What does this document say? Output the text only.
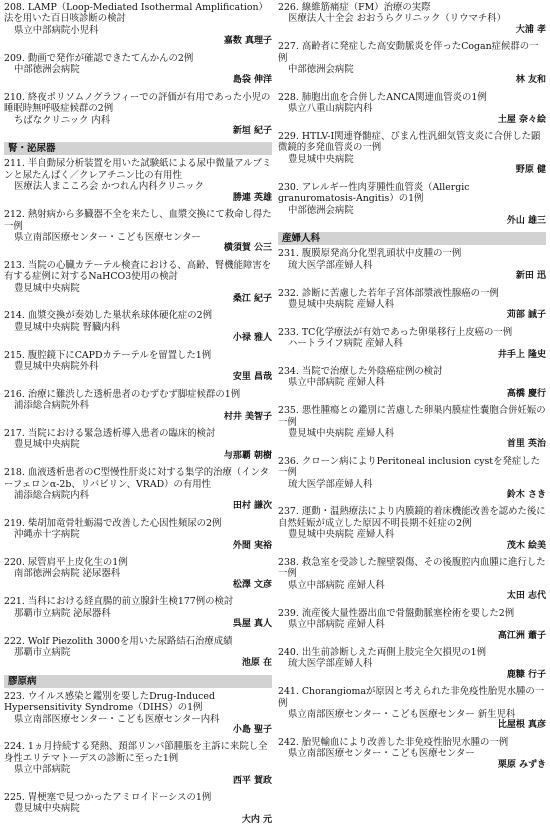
208. LAMP（Loop-Mediated Isothermal Amplification）法を用いた百日咳診断の検討
県立中部病院小児科
嘉数 真理子
209. 動画で発作が確認できたてんかんの2例
中部徳洲会病院
島袋 伸洋
210. 終夜ポリソムノグラフィーでの評価が有用であった小児の睡眠時無呼吸症候群の2例
ちばなクリニック 内科
新垣 紀子
腎・泌尿器
211. 半自動尿分析装置を用いた試験紙による尿中微量アルブミンと尿たんぱく／クレアチニン比の有用性
医療法人まこころ会 かつれん内科クリニック
勝連 英雄
212. 熱射病から多臓器不全を来たし、血漿交換にて救命し得た一例
県立南部医療センター・こども医療センター
横須賀 公三
213. 当院の心臓カテーテル検査における、高齢、腎機能障害を有する症例に対するNaHCO3使用の検討
豊見城中央病院
桑江 紀子
214. 血漿交換が奏効した巣状糸球体硬化症の2例
豊見城中央病院 腎臓内科
小禄 雅人
215. 腹腔鏡下にCAPDカテーテルを留置した1例
豊見城中央病院外科
安里 昌哉
216. 治療に難渋した透析患者のむずむず脚症候群の1例
浦添総合病院外科
村井 美智子
217. 当院における緊急透析導入患者の臨床的検討
豊見城中央病院
与那覇 朝樹
218. 血液透析患者のC型慢性肝炎に対する集学的治療（インターフェロンα-2b、リバビリン、VRAD）の有用性
浦添総合病院内科
田村 謙次
219. 柴胡加竜骨牡蛎湯で改善した心因性頻尿の2例
沖縄赤十字病院
外間 実裕
220. 尿管肩平上皮化生の1例
南部徳洲会病院 泌尿器科
松澤 文彦
221. 当科における経直腸的前立腺針生検177例の検討
那覇市立病院 泌尿器科
呉屋 真人
222. Wolf Piezolith 3000を用いた尿路結石治療成績
那覇市立病院
池原 在
膠原病
223. ウイルス感染と鑑別を要したDrug-Induced Hypersensitivity Syndrome（DIHS）の1例
県立南部医療センター・こども医療センター内科
小島 聖子
224. 1ヵ月持続する発熱、頚部リンパ節腫脹を主訴に来院し全身性エリテマトーデスの診断に至った1例
県立中部病院
西平 賀政
225. 胃梗塞で見つかったアミロイドーシスの1例
豊見城中央病院
大内 元
226. 線維筋痛症（FM）治療の実際
医療法人十全会 おおうらクリニック（リウマチ科）
大浦 孝
227. 高齢者に発症した高安動脈炎を伴ったCogan症候群の一例
中部徳洲会病院
林 友和
228. 肺胞出血を合併したANCA関連血管炎の1例
県立八重山病院内科
土屋 奈々絵
229. HTLV-I関連脊髄症、びまん性汎細気管支炎に合併した顕微鏡的多発血管炎の一例
豊見城中央病院
野原 健
230. アレルギー性肉芽腫性血管炎（Allergic granuromatosis-Angitis）の1例
中部徳洲会病院
外山 雄三
産婦人科
231. 腹膜原発高分化型乳頭状中皮腫の一例
琉大医学部産婦人科
新田 迅
232. 診断に苦慮した若年子宮体部漿液性腺癌の一例
豊見城中央病院 産婦人科
苅部 誠子
233. TC化学療法が有効であった卵巣移行上皮癌の一例
ハートライフ病院 産婦人科
井手上 隆史
234. 当院で治療した外陰癌症例の検討
県立中部病院 産婦人科
高橋 慶行
235. 悪性腫瘍との鑑別に苦慮した卵巣内膜症性嚢胞合併妊娠の一例
豊見城中央病院 産婦人科
首里 英治
236. クローン病によりPeritoneal inclusion cystを発症した一例
琉大医学部産婦人科
鈴木 さき
237. 運動・温熱療法により内膜鏡的着床機能改善を認めた後に自然妊娠が成立した原因不明長期不妊症の2例
豊見城中央病院 産婦人科
茂木 絵美
238. 救急室を受診した膣壁裂傷、その後腹腔内血腫に進行した一例
県立中部病院 産婦人科
太田 志代
239. 流産後大量性器出血で骨盤動脈塞栓術を要した2例
県立中部病院 産婦人科
高江洲 蕭子
240. 出生前診断しえた両側上肢完全欠損児の1例
琉大医学部産婦人科
鹿糠 行子
241. Chorangiomaが原因と考えられた非免疫性胎児水腫の一例
県立南部医療センター・こども医療センター 新生児科
比屋根 真彦
242. 胎児輸血により改善した非免疫性胎児水腫の一例
県立南部医療センター・こども医療センター
栗原 みずき
